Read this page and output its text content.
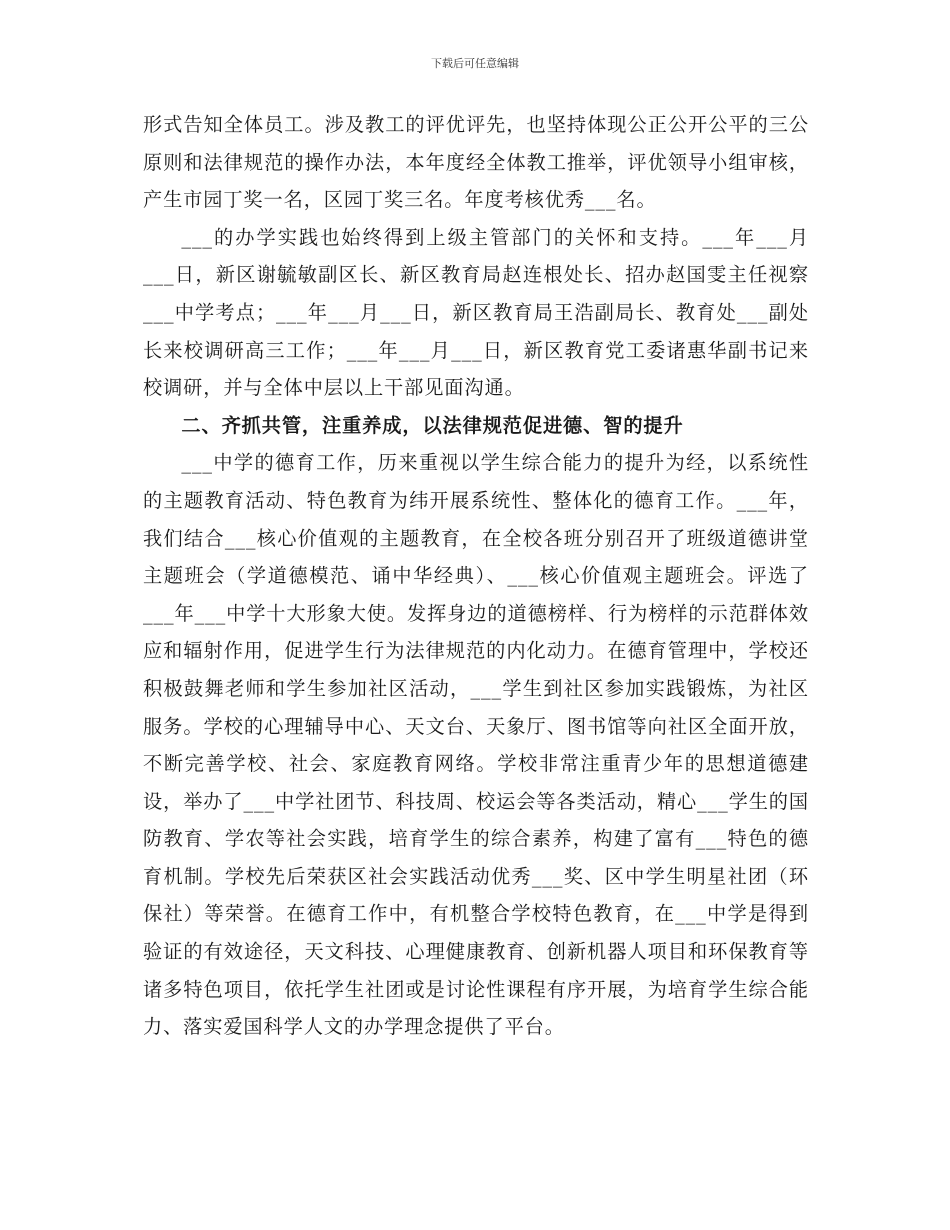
下载后可任意编辑

形式告知全体员工。涉及教工的评优评先，也坚持体现公正公开公平的三公原则和法律规范的操作办法，本年度经全体教工推举，评优领导小组审核，产生市园丁奖一名，区园丁奖三名。年度考核优秀___名。

___的办学实践也始终得到上级主管部门的关怀和支持。___年___月___日，新区谢毓敏副区长、新区教育局赵连根处长、招办赵国雯主任视察___中学考点；___年___月___日，新区教育局王浩副局长、教育处___副处长来校调研高三工作；___年___月___日，新区教育党工委诸惠华副书记来校调研，并与全体中层以上干部见面沟通。

二、齐抓共管，注重养成，以法律规范促进德、智的提升

___中学的德育工作，历来重视以学生综合能力的提升为经，以系统性的主题教育活动、特色教育为纬开展系统性、整体化的德育工作。___年，我们结合___核心价值观的主题教育，在全校各班分别召开了班级道德讲堂主题班会（学道德模范、诵中华经典）、___核心价值观主题班会。评选了___年___中学十大形象大使。发挥身边的道德榜样、行为榜样的示范群体效应和辐射作用，促进学生行为法律规范的内化动力。在德育管理中，学校还积极鼓舞老师和学生参加社区活动，___学生到社区参加实践锻炼，为社区服务。学校的心理辅导中心、天文台、天象厅、图书馆等向社区全面开放，不断完善学校、社会、家庭教育网络。学校非常注重青少年的思想道德建设，举办了___中学社团节、科技周、校运会等各类活动，精心___学生的国防教育、学农等社会实践，培育学生的综合素养，构建了富有___特色的德育机制。学校先后荣获区社会实践活动优秀___奖、区中学生明星社团（环保社）等荣誉。在德育工作中，有机整合学校特色教育，在___中学是得到验证的有效途径，天文科技、心理健康教育、创新机器人项目和环保教育等诸多特色项目，依托学生社团或是讨论性课程有序开展，为培育学生综合能力、落实爱国科学人文的办学理念提供了平台。
